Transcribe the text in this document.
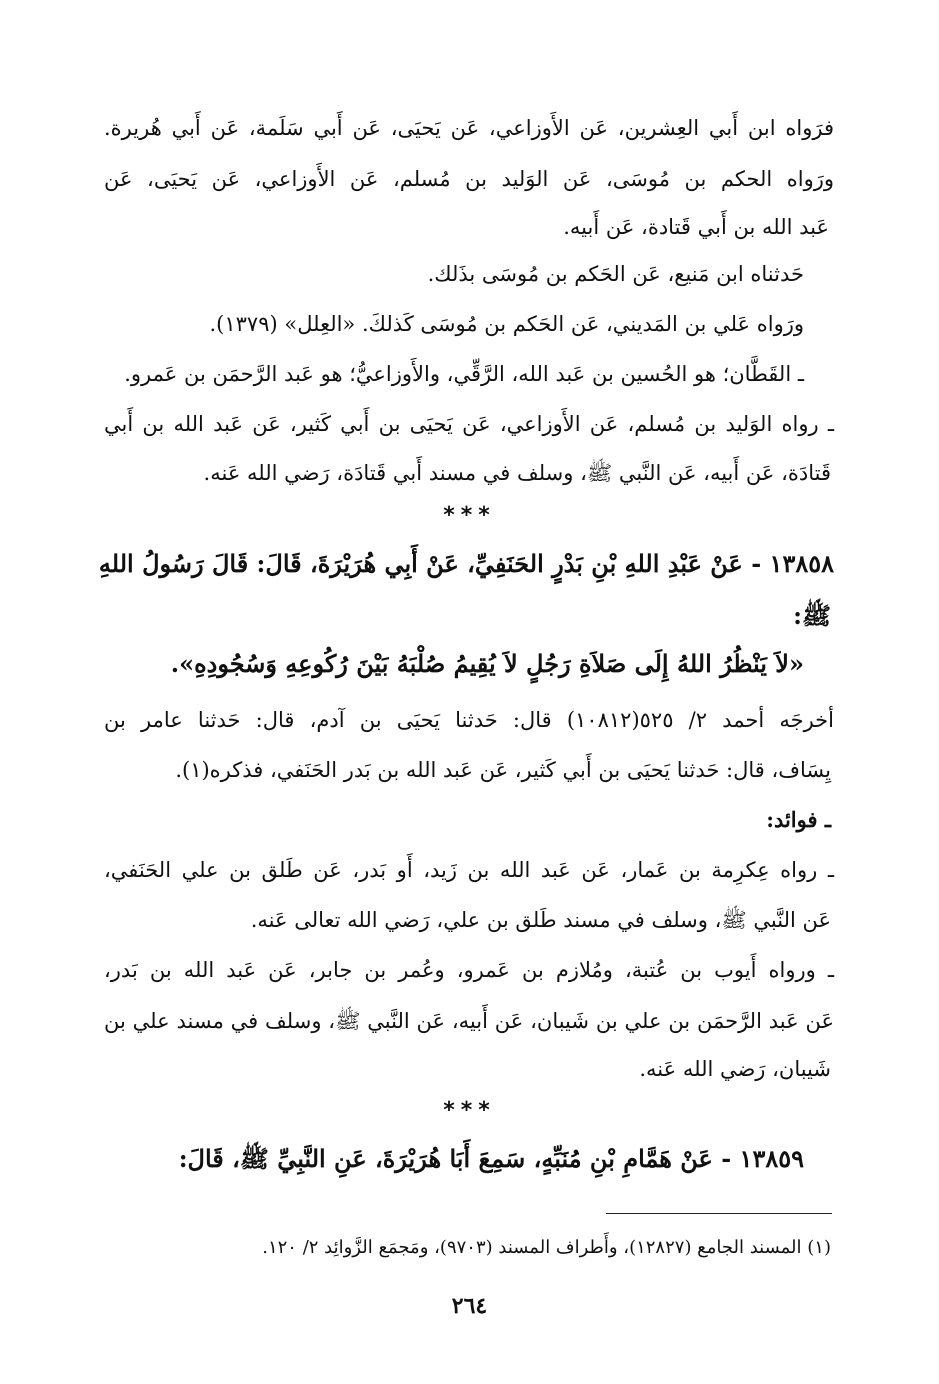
فرَواه ابن أَبي العِشرين، عَن الأَوزاعي، عَن يَحيَى، عَن أَبي سَلَمة، عَن أَبي هُريرة.

ورَواه الحكم بن مُوسَى، عَن الوَليد بن مُسلم، عَن الأَوزاعي، عَن يَحيَى، عَن

عَبد الله بن أَبي قَتادة، عَن أَبيه.

حَدثناه ابن مَنيع، عَن الحَكم بن مُوسَى بذَلك.

ورَواه عَلي بن المَديني، عَن الحَكم بن مُوسَى كَذلكَ. «العِلل» (١٣٧٩).

ـ القَطَّان؛ هو الحُسين بن عَبد الله، الرَّقِّي، والأَوزاعيُّ؛ هو عَبد الرَّحمَن بن عَمرو.

ـ رواه الوَليد بن مُسلم، عَن الأَوزاعي، عَن يَحيَى بن أَبي كَثير، عَن عَبد الله بن أَبي

قَتادَة، عَن أَبيه، عَن النَّبي ﷺ، وسلف في مسند أَبي قَتادَة، رَضي الله عَنه.

***

١٣٨٥٨ - عَنْ عَبْدِ اللهِ بْنِ بَدْرٍ الحَنَفِيِّ، عَنْ أَبِي هُرَيْرَةَ، قَالَ: قَالَ رَسُولُ اللهِ

ﷺ:

«لاَ يَنْظُرُ اللهُ إِلَى صَلاَةِ رَجُلٍ لاَ يُقِيمُ صُلْبَهُ بَيْنَ رُكُوعِهِ وَسُجُودِهِ».

أخرجَه أحمد ٢/ ٥٢٥(١٠٨١٢) قال: حَدثنا يَحيَى بن آدم، قال: حَدثنا عامر بن

يِسَاف، قال: حَدثنا يَحيَى بن أَبي كَثير، عَن عَبد الله بن بَدر الحَنَفي، فذكره(١).

ـ فوائد:

ـ رواه عِكرِمة بن عَمار، عَن عَبد الله بن زَيد، أَو بَدر، عَن طَلق بن علي الحَنَفي،

عَن النَّبي ﷺ، وسلف في مسند طَلق بن علي، رَضي الله تعالى عَنه.

ـ ورواه أَيوب بن عُتبة، ومُلازم بن عَمرو، وعُمر بن جابر، عَن عَبد الله بن بَدر،

عَن عَبد الرَّحمَن بن علي بن شَيبان، عَن أَبيه، عَن النَّبي ﷺ، وسلف في مسند علي بن

شَيبان، رَضي الله عَنه.

***

١٣٨٥٩ - عَنْ هَمَّامِ بْنِ مُنَبِّهٍ، سَمِعَ أَبَا هُرَيْرَةَ، عَنِ النَّبِيِّ ﷺ، قَالَ:

(١) المسند الجامع (١٢٨٢٧)، وأَطراف المسند (٩٧٠٣)، ومَجمَع الزَّوائِد ٢/ ١٢٠.

٢٦٤
